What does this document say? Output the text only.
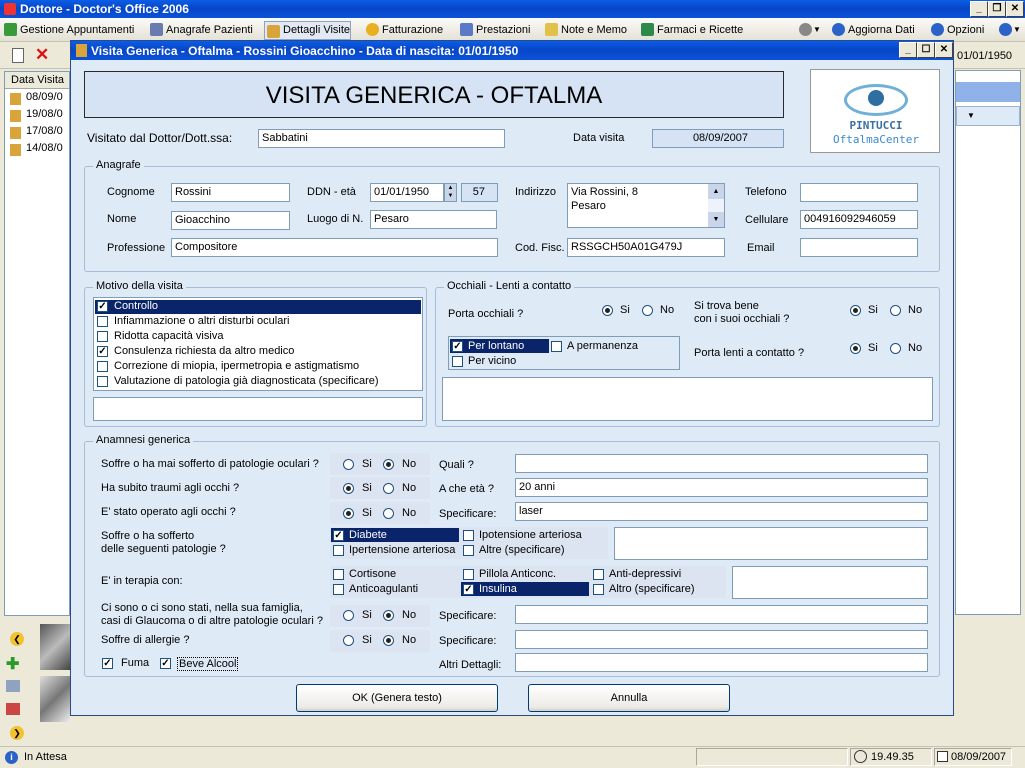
Dottore - Doctor's Office 2006	_	❐ ✕
Gestione Appuntamenti	Anagrafe Pazienti	Dettagli Visite	Fatturazione	Prestazioni	Note e Memo	Farmaci e Ricette	▼	Aggiorna Dati	Opzioni	▼
✕	01/01/1950
Data Visita
08/09/0
19/08/0
17/08/0
14/08/0
▼
❮
✚
❯
i	In Attesa	19.49.35	08/09/2007
Visita Generica - Oftalma - Rossini Gioacchino - Data di nascita: 01/01/1950	_	☐ ✕
VISITA GENERICA - OFTALMA
PINTUCCI
OftalmaCenter
Visitato dal Dottor/Dott.ssa:	Sabbatini	Data visita	08/09/2007
Anagrafe
Cognome	Rossini
Nome	Gioacchino
Professione Compositore
DDN - età	01/01/1950	▲
▼	57
Luogo di N. Pesaro
Indirizzo Via Rossini, 8
Pesaro
▲
▼
Cod. Fisc. RSSGCH50A01G479J
Telefono
Cellulare	004916092946059
Email
Motivo della visita
✓ Controllo
Infiammazione o altri disturbi oculari
Ridotta capacità visiva
✓ Consulenza richiesta da altro medico
Correzione di miopia, ipermetropia e astigmatismo
Valutazione di patologia già diagnosticata (specificare)
Occhiali - Lenti a contatto
Porta occhiali ?	Si	No
✓ Per lontano
Per vicino
A permanenza
Si trova bene
con i suoi occhiali ?
Si	No
Porta lenti a contatto ?	Si	No
Anamnesi generica
Soffre o ha mai sofferto di patologie oculari ?	Si	No Quali ?
Ha subito traumi agli occhi ?	Si	No A che età ?	20 anni
E' stato operato agli occhi ?	Si	No Specificare:	laser
Soffre o ha sofferto
delle seguenti patologie ?
✓ Diabete	Ipotensione arteriosa
Ipertensione arteriosa Altre (specificare)
E' in terapia con:
Cortisone	Pillola Anticonc.	Anti-depressivi
Anticoagulanti	✓ Insulina	Altro (specificare)
Ci sono o ci sono stati, nella sua famiglia,
casi di Glaucoma o di altre patologie oculari ?	Si	No Specificare:
Soffre di allergie ?	Si	No Specificare:
✓ Fuma ✓ Beve Alcool	Altri Dettagli:
OK (Genera testo)	Annulla
